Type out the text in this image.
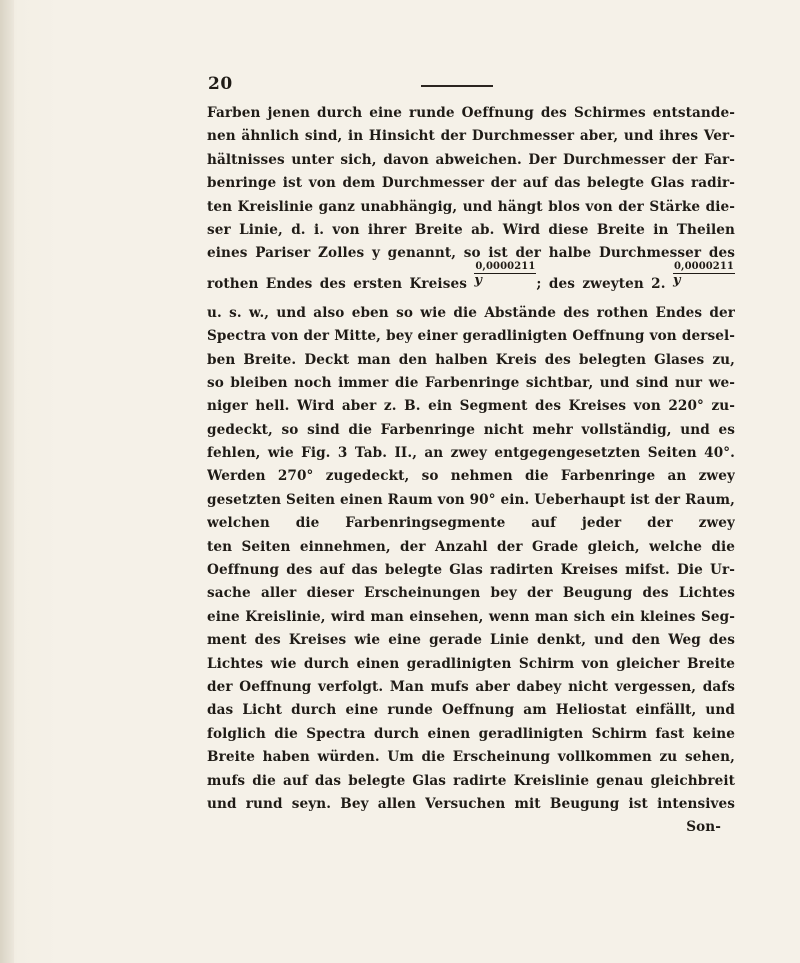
20
Farben jenen durch eine runde Oeffnung des Schirmes entstande-
nen ähnlich sind, in Hinsicht der Durchmesser aber, und ihres Ver-
hältnisses unter sich, davon abweichen. Der Durchmesser der Far-
benringe ist von dem Durchmesser der auf das belegte Glas radir-
ten Kreislinie ganz unabhängig, und hängt blos von der Stärke die-
ser Linie, d. i. von ihrer Breite ab. Wird diese Breite in Theilen
eines Pariser Zolles y genannt, so ist der halbe Durchmesser des
rothen Endes des ersten Kreises $\frac{0,0000211}{y}$ ; des zweyten 2. $\frac{0,0000211}{y}$
u. s. w., und also eben so wie die Abstände des rothen Endes der
Spectra von der Mitte, bey einer geradlinigten Oeffnung von dersel-
ben Breite. Deckt man den halben Kreis des belegten Glases zu,
so bleiben noch immer die Farbenringe sichtbar, und sind nur we-
niger hell. Wird aber z. B. ein Segment des Kreises von 220° zu-
gedeckt, so sind die Farbenringe nicht mehr vollständig, und es
fehlen, wie Fig. 3 Tab. II., an zwey entgegengesetzten Seiten 40°.
Werden 270° zugedeckt, so nehmen die Farbenringe an zwey
gesetzten Seiten einen Raum von 90° ein. Ueberhaupt ist der Raum,
welchen die Farbenringsegmente auf jeder der zwey
ten Seiten einnehmen, der Anzahl der Grade gleich, welche die
Oeffnung des auf das belegte Glas radirten Kreises mifst. Die Ur-
sache aller dieser Erscheinungen bey der Beugung des Lichtes
eine Kreislinie, wird man einsehen, wenn man sich ein kleines Seg-
ment des Kreises wie eine gerade Linie denkt, und den Weg des
Lichtes wie durch einen geradlinigten Schirm von gleicher Breite
der Oeffnung verfolgt. Man mufs aber dabey nicht vergessen, dafs
das Licht durch eine runde Oeffnung am Heliostat einfällt, und
folglich die Spectra durch einen geradlinigten Schirm fast keine
Breite haben würden. Um die Erscheinung vollkommen zu sehen,
mufs die auf das belegte Glas radirte Kreislinie genau gleichbreit
und rund seyn. Bey allen Versuchen mit Beugung ist intensives
Son-
